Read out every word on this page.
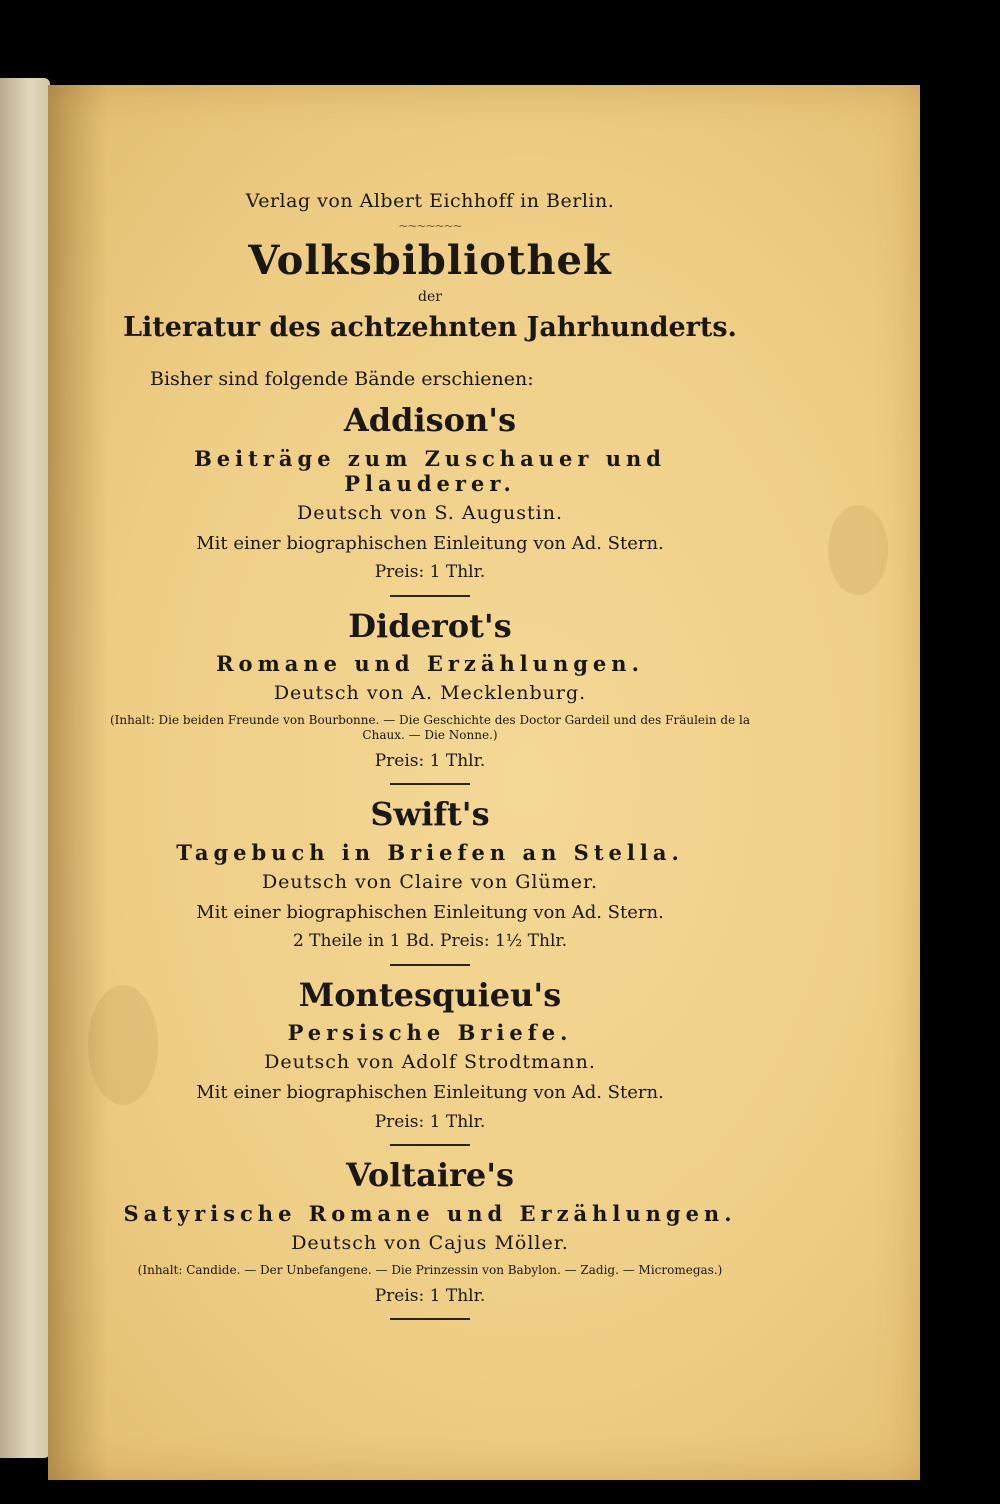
Verlag von Albert Eichhoff in Berlin.
~~~~~~~
Volksbibliothek
der
Literatur des achtzehnten Jahrhunderts.
Bisher sind folgende Bände erschienen:
Addison's
Beiträge zum Zuschauer und Plauderer.
Deutsch von S. Augustin.
Mit einer biographischen Einleitung von Ad. Stern.
Preis: 1 Thlr.
Diderot's
Romane und Erzählungen.
Deutsch von A. Mecklenburg.
(Inhalt: Die beiden Freunde von Bourbonne. — Die Geschichte des Doctor Gardeil und des Fräulein de la Chaux. — Die Nonne.)
Preis: 1 Thlr.
Swift's
Tagebuch in Briefen an Stella.
Deutsch von Claire von Glümer.
Mit einer biographischen Einleitung von Ad. Stern.
2 Theile in 1 Bd. Preis: 1½ Thlr.
Montesquieu's
Persische Briefe.
Deutsch von Adolf Strodtmann.
Mit einer biographischen Einleitung von Ad. Stern.
Preis: 1 Thlr.
Voltaire's
Satyrische Romane und Erzählungen.
Deutsch von Cajus Möller.
(Inhalt: Candide. — Der Unbefangene. — Die Prinzessin von Babylon. — Zadig. — Micromegas.)
Preis: 1 Thlr.
